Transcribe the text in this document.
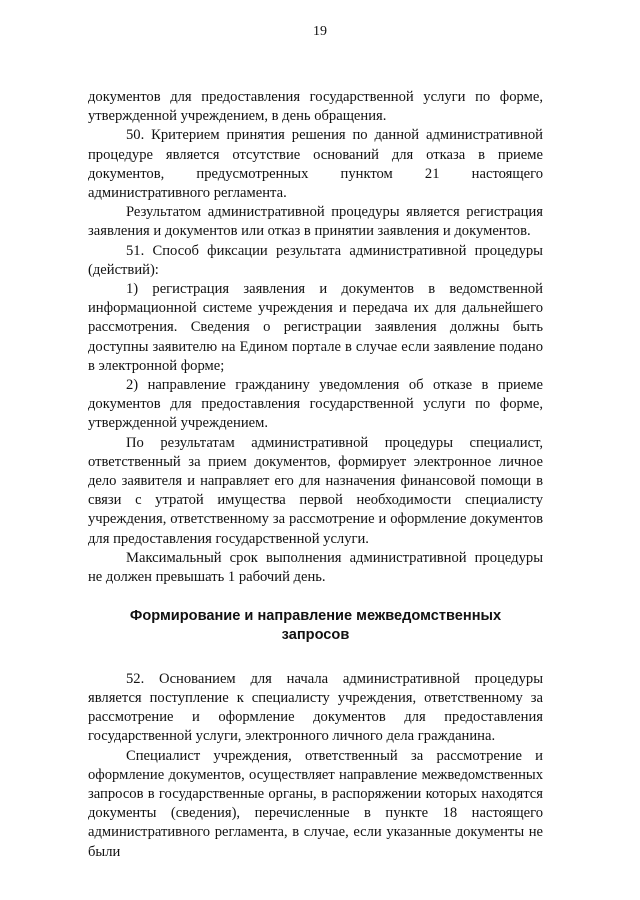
19

документов для предоставления государственной услуги по форме, утвержденной учреждением, в день обращения.

50. Критерием принятия решения по данной административной процедуре является отсутствие оснований для отказа в приеме документов, предусмотренных пунктом 21 настоящего административного регламента.

Результатом административной процедуры является регистрация заявления и документов или отказ в принятии заявления и документов.

51. Способ фиксации результата административной процедуры (действий):

1) регистрация заявления и документов в ведомственной информационной системе учреждения и передача их для дальнейшего рассмотрения. Сведения о регистрации заявления должны быть доступны заявителю на Едином портале в случае если заявление подано в электронной форме;

2) направление гражданину уведомления об отказе в приеме документов для предоставления государственной услуги по форме, утвержденной учреждением.

По результатам административной процедуры специалист, ответственный за прием документов, формирует электронное личное дело заявителя и направляет его для назначения финансовой помощи в связи с утратой имущества первой необходимости специалисту учреждения, ответственному за рассмотрение и оформление документов для предоставления государственной услуги.

Максимальный срок выполнения административной процедуры не должен превышать 1 рабочий день.

Формирование и направление межведомственных
запросов

52. Основанием для начала административной процедуры является поступление к специалисту учреждения, ответственному за рассмотрение и оформление документов для предоставления государственной услуги, электронного личного дела гражданина.

Специалист учреждения, ответственный за рассмотрение и оформление документов, осуществляет направление межведомственных запросов в государственные органы, в распоряжении которых находятся документы (сведения), перечисленные в пункте 18 настоящего административного регламента, в случае, если указанные документы не были
